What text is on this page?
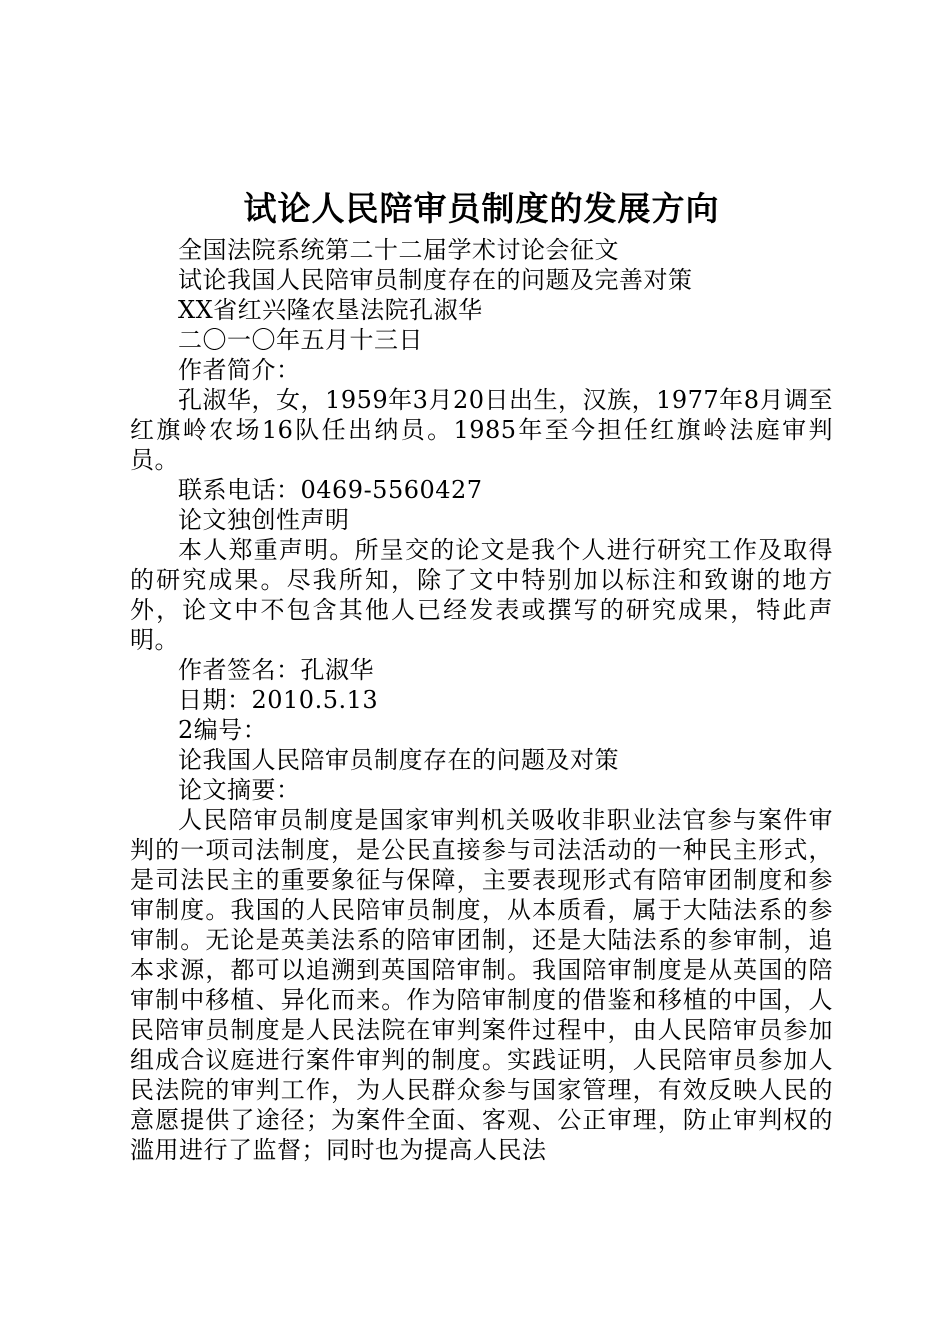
试论人民陪审员制度的发展方向

全国法院系统第二十二届学术讨论会征文

试论我国人民陪审员制度存在的问题及完善对策

XX省红兴隆农垦法院孔淑华

二〇一〇年五月十三日

作者简介：

孔淑华，女，1959年3月20日出生，汉族，1977年8月调至红旗岭农场16队任出纳员。1985年至今担任红旗岭法庭审判员。

联系电话：0469-5560427

论文独创性声明

本人郑重声明。所呈交的论文是我个人进行研究工作及取得的研究成果。尽我所知，除了文中特别加以标注和致谢的地方外，论文中不包含其他人已经发表或撰写的研究成果，特此声明。

作者签名：孔淑华

日期：2010.5.13

2编号：

论我国人民陪审员制度存在的问题及对策

论文摘要：

人民陪审员制度是国家审判机关吸收非职业法官参与案件审判的一项司法制度，是公民直接参与司法活动的一种民主形式，是司法民主的重要象征与保障，主要表现形式有陪审团制度和参审制度。我国的人民陪审员制度，从本质看，属于大陆法系的参审制。无论是英美法系的陪审团制，还是大陆法系的参审制，追本求源，都可以追溯到英国陪审制。我国陪审制度是从英国的陪审制中移植、异化而来。作为陪审制度的借鉴和移植的中国，人民陪审员制度是人民法院在审判案件过程中，由人民陪审员参加组成合议庭进行案件审判的制度。实践证明，人民陪审员参加人民法院的审判工作，为人民群众参与国家管理，有效反映人民的意愿提供了途径；为案件全面、客观、公正审理，防止审判权的滥用进行了监督；同时也为提高人民法
